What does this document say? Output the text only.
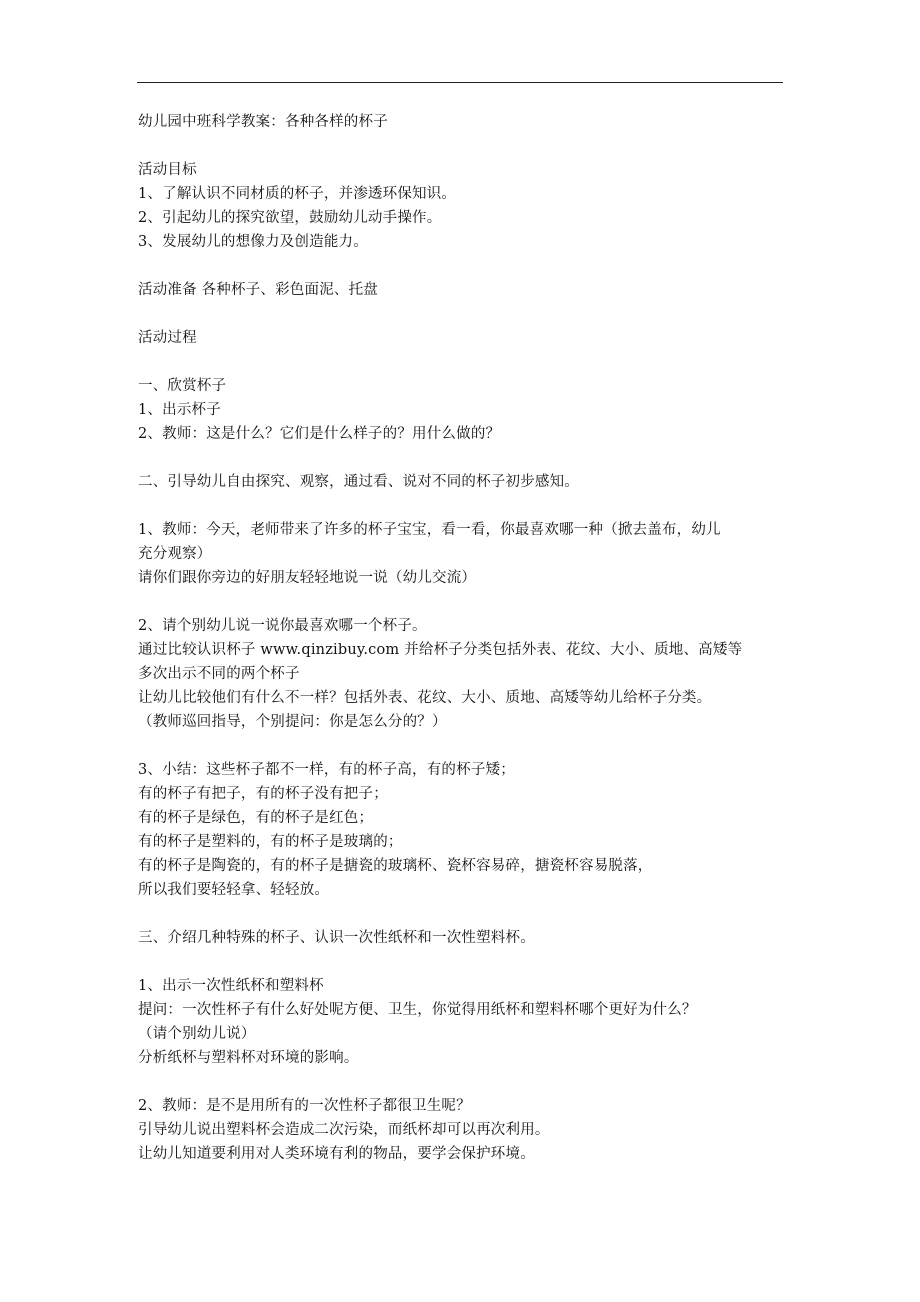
幼儿园中班科学教案：各种各样的杯子
活动目标
1、了解认识不同材质的杯子，并渗透环保知识。
2、引起幼儿的探究欲望，鼓励幼儿动手操作。
3、发展幼儿的想像力及创造能力。
活动准备 各种杯子、彩色面泥、托盘
活动过程
一、欣赏杯子
1、出示杯子
2、教师：这是什么？它们是什么样子的？用什么做的？
二、引导幼儿自由探究、观察，通过看、说对不同的杯子初步感知。
1、教师：今天，老师带来了许多的杯子宝宝，看一看，你最喜欢哪一种（掀去盖布，幼儿
充分观察）
请你们跟你旁边的好朋友轻轻地说一说（幼儿交流）
2、请个别幼儿说一说你最喜欢哪一个杯子。
通过比较认识杯子 www.qinzibuy.com 并给杯子分类包括外表、花纹、大小、质地、高矮等
多次出示不同的两个杯子
让幼儿比较他们有什么不一样？包括外表、花纹、大小、质地、高矮等幼儿给杯子分类。
（教师巡回指导，个别提问：你是怎么分的？）
3、小结：这些杯子都不一样，有的杯子高，有的杯子矮；
有的杯子有把子，有的杯子没有把子；
有的杯子是绿色，有的杯子是红色；
有的杯子是塑料的，有的杯子是玻璃的；
有的杯子是陶瓷的，有的杯子是搪瓷的玻璃杯、瓷杯容易碎，搪瓷杯容易脱落，
所以我们要轻轻拿、轻轻放。
三、介绍几种特殊的杯子、认识一次性纸杯和一次性塑料杯。
1、出示一次性纸杯和塑料杯
提问：一次性杯子有什么好处呢方便、卫生，你觉得用纸杯和塑料杯哪个更好为什么？
（请个别幼儿说）
分析纸杯与塑料杯对环境的影响。
2、教师：是不是用所有的一次性杯子都很卫生呢？
引导幼儿说出塑料杯会造成二次污染，而纸杯却可以再次利用。
让幼儿知道要利用对人类环境有利的物品，要学会保护环境。
